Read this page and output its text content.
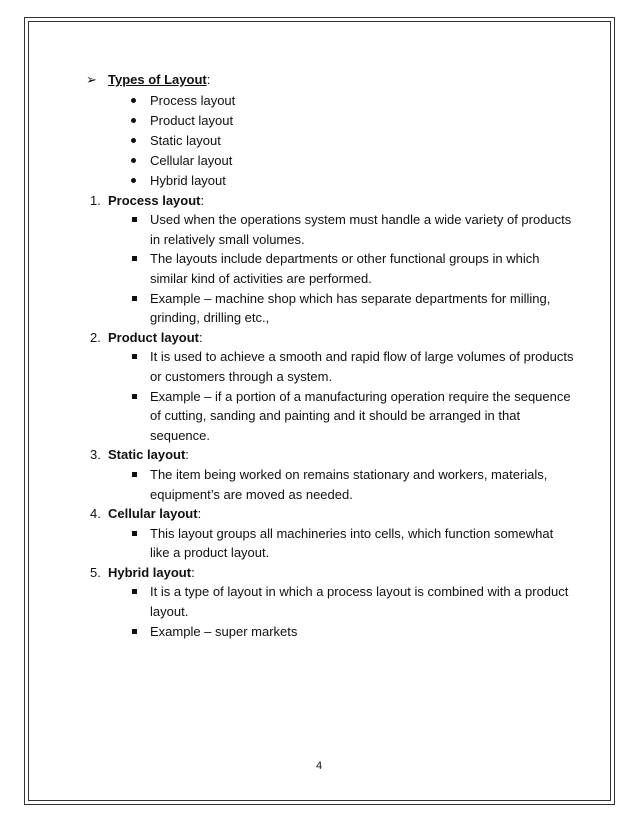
➢ Types of Layout:
Process layout
Product layout
Static layout
Cellular layout
Hybrid layout
1. Process layout:
Used when the operations system must handle a wide variety of products in relatively small volumes.
The layouts include departments or other functional groups in which similar kind of activities are performed.
Example – machine shop which has separate departments for milling, grinding, drilling etc.,
2. Product layout:
It is used to achieve a smooth and rapid flow of large volumes of products or customers through a system.
Example – if a portion of a manufacturing operation require the sequence of cutting, sanding and painting and it should be arranged in that sequence.
3. Static layout:
The item being worked on remains stationary and workers, materials, equipment’s are moved as needed.
4. Cellular layout:
This layout groups all machineries into cells, which function somewhat like a product layout.
5. Hybrid layout:
It is a type of layout in which a process layout is combined with a product layout.
Example – super markets
4
